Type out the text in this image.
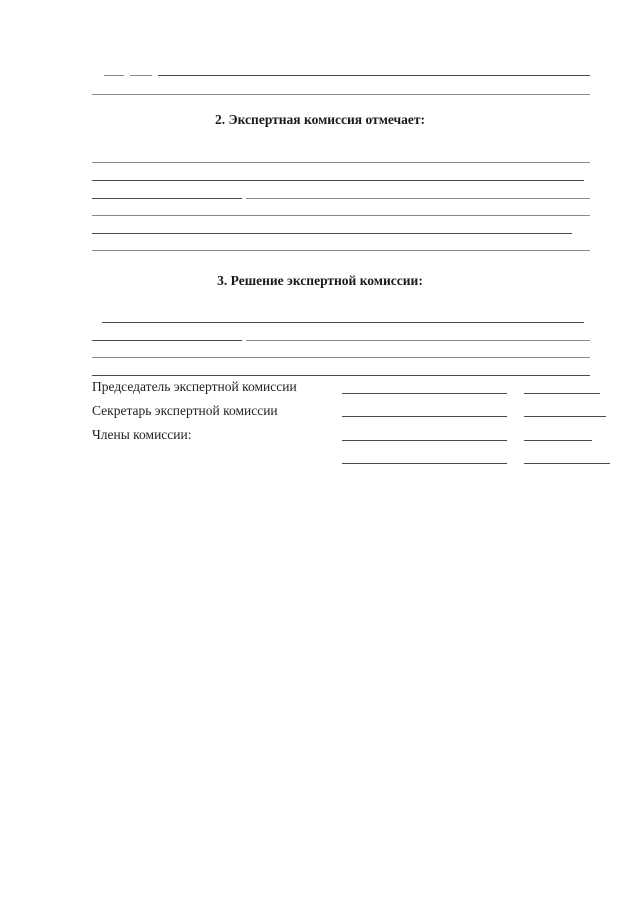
2. Экспертная комиссия отмечает:
3. Решение экспертной комиссии:
Председатель экспертной комиссии
Секретарь экспертной комиссии
Члены комиссии:
